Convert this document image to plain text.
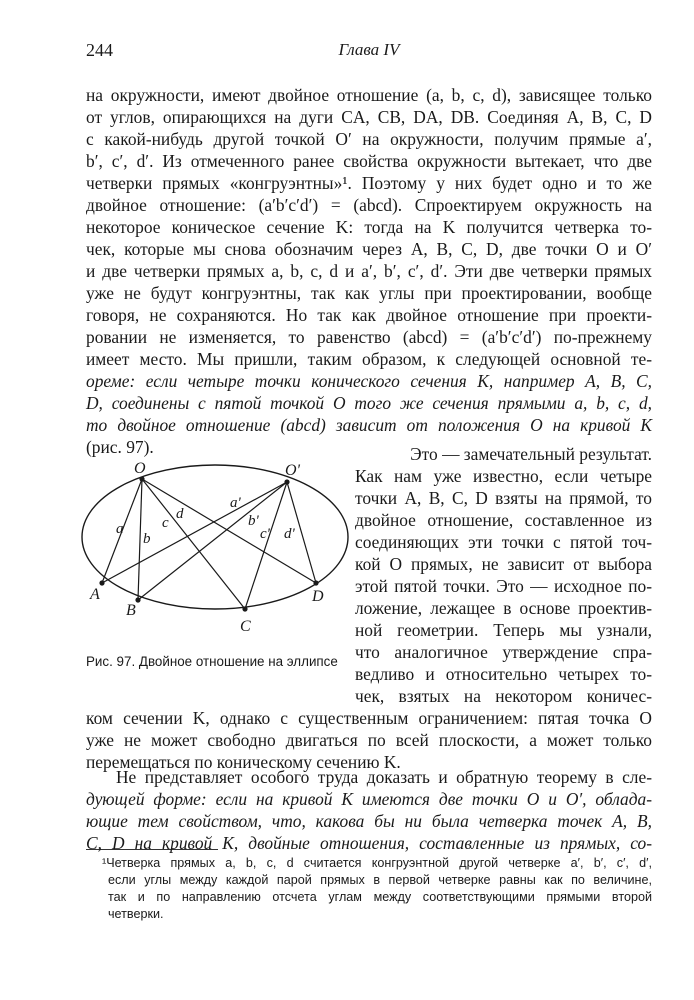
244	Глава IV
на окружности, имеют двойное отношение (a, b, c, d), зависящее только
от углов, опирающихся на дуги CA, CB, DA, DB. Соединяя A, B, C, D
с какой-нибудь другой точкой O′ на окружности, получим прямые a′,
b′, c′, d′. Из отмеченного ранее свойства окружности вытекает, что две
четверки прямых «конгруэнтны»¹. Поэтому у них будет одно и то же
двойное отношение: (a′b′c′d′) = (abcd). Спроектируем окружность на
некоторое коническое сечение K: тогда на K получится четверка то-
чек, которые мы снова обозначим через A, B, C, D, две точки O и O′
и две четверки прямых a, b, c, d и a′, b′, c′, d′. Эти две четверки прямых
уже не будут конгруэнтны, так как углы при проектировании, вообще
говоря, не сохраняются. Но так как двойное отношение при проекти-
ровании не изменяется, то равенство (abcd) = (a′b′c′d′) по-прежнему
имеет место. Мы пришли, таким образом, к следующей основной те-
ореме: если четыре точки конического сечения K, например A, B, C,
D, соединены с пятой точкой O того же сечения прямыми a, b, c, d,
то двойное отношение (abcd) зависит от положения O на кривой K
(рис. 97).
O	O'
A
B
C
D
a
b
c
d
a'
b'
c' d'
Рис. 97. Двойное отношение на эллипсе
Это — замечательный результат.
Как нам уже известно, если четыре
точки A, B, C, D взяты на прямой, то
двойное отношение, составленное из
соединяющих эти точки с пятой точ-
кой O прямых, не зависит от выбора
этой пятой точки. Это — исходное по-
ложение, лежащее в основе проектив-
ной геометрии. Теперь мы узнали,
что аналогичное утверждение спра-
ведливо и относительно четырех то-
чек, взятых на некотором коничес-
ком сечении K, однако с существенным ограничением: пятая точка O
уже не может свободно двигаться по всей плоскости, а может только
перемещаться по коническому сечению K.
Не представляет особого труда доказать и обратную теорему в сле-
дующей форме: если на кривой K имеются две точки O и O′, облада-
ющие тем свойством, что, какова бы ни была четверка точек A, B,
¹Четверка прямых a, b, c, d считается конгруэнтной другой четверке a′, b′, c′, d′,
если углы между каждой парой прямых в первой четверке равны как по величине,
так и по направлению отсчета углам между соответствующими прямыми второй
четверки.
C, D на кривой K, двойные отношения, составленные из прямых, со-
